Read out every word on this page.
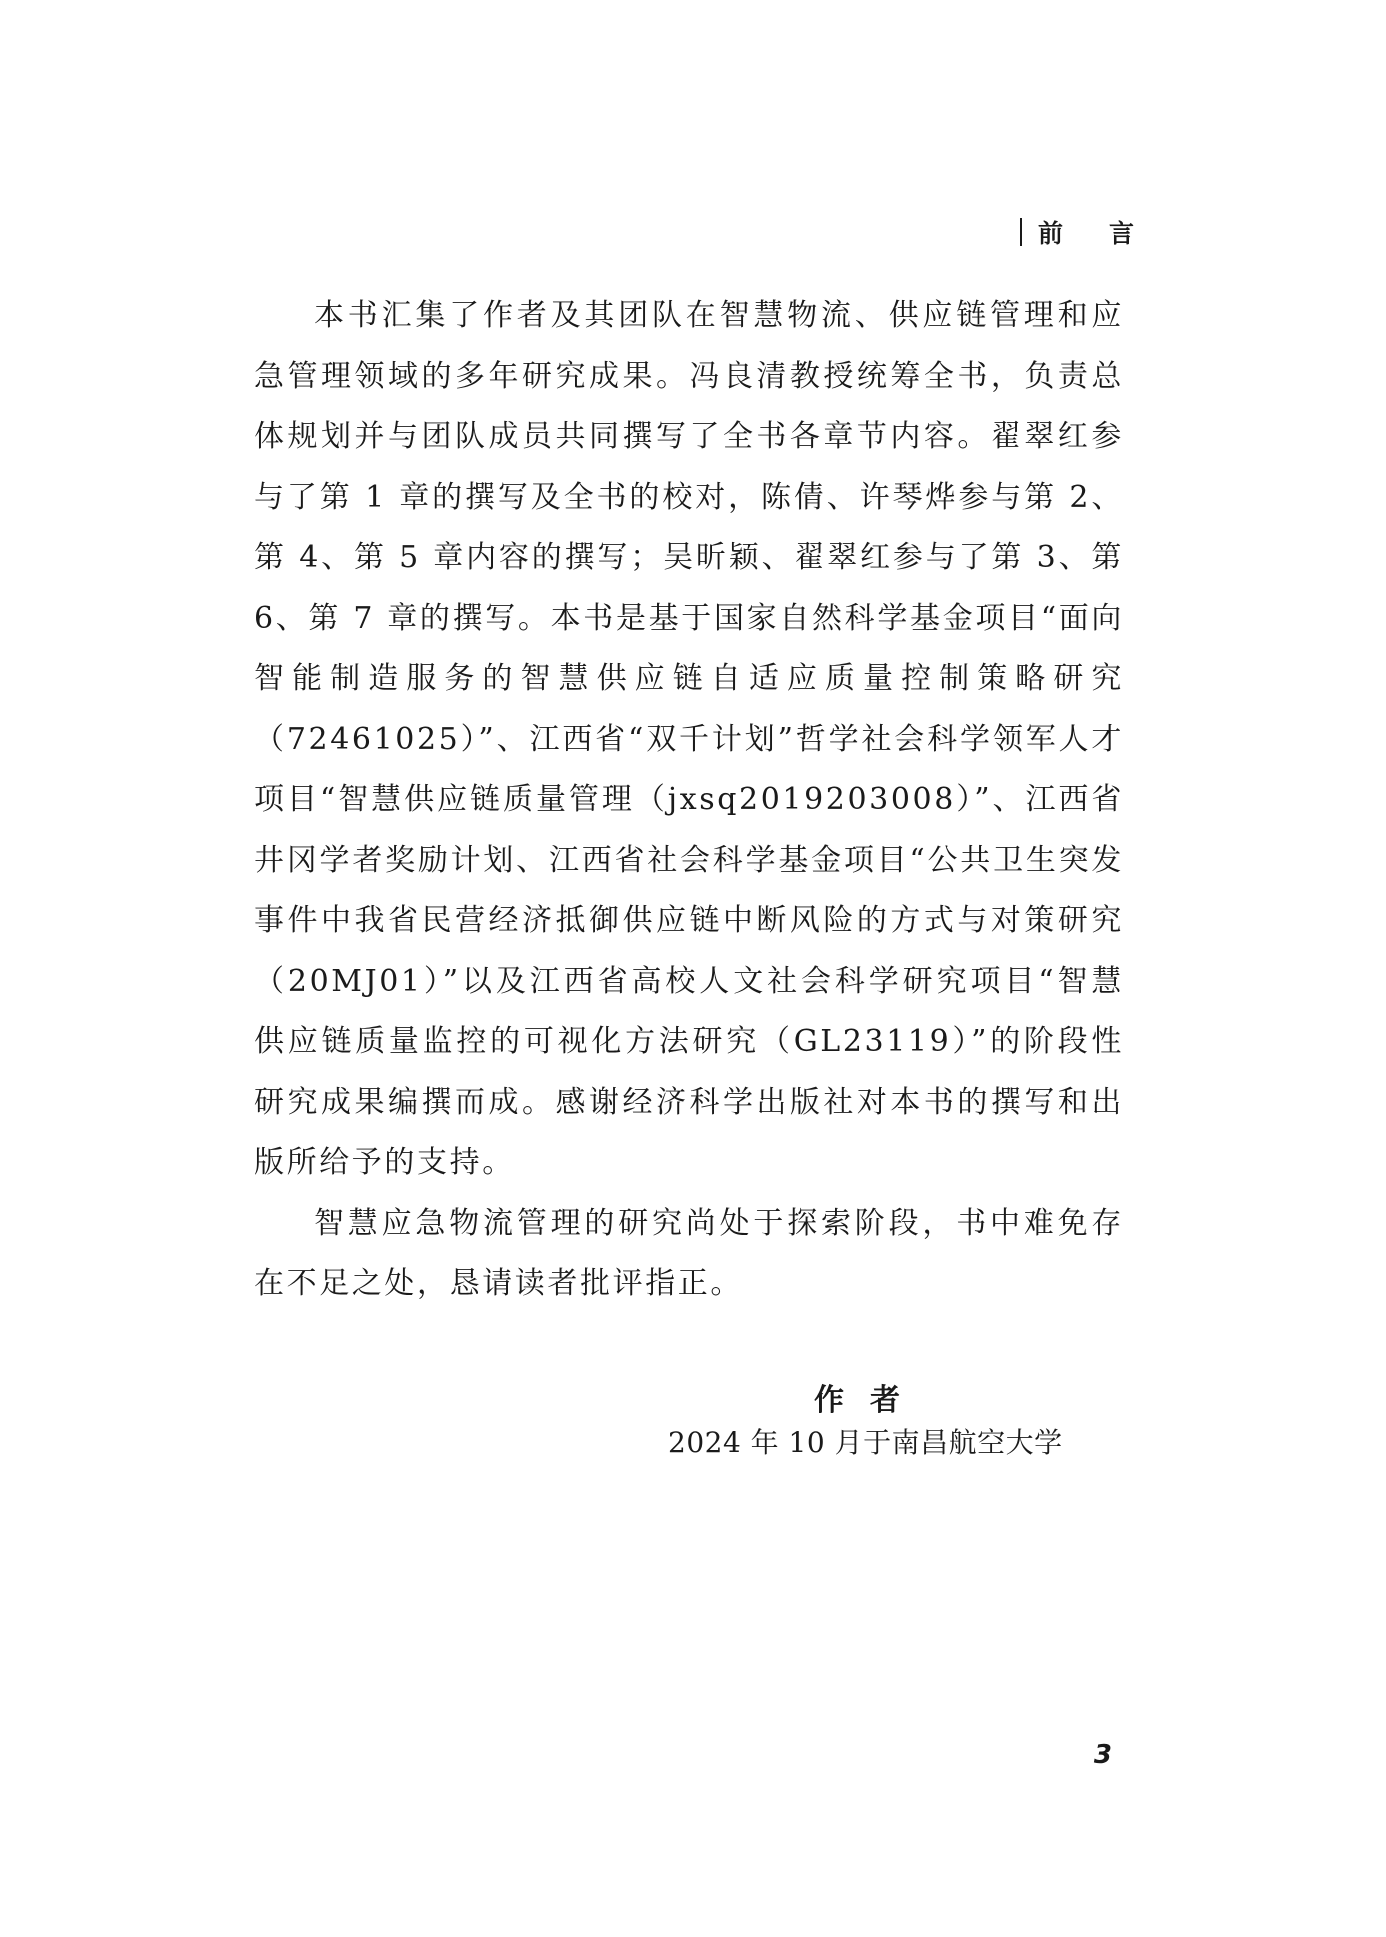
前言

本书汇集了作者及其团队在智慧物流、供应链管理和应急管理领域的多年研究成果。冯良清教授统筹全书，负责总体规划并与团队成员共同撰写了全书各章节内容。翟翠红参与了第 1 章的撰写及全书的校对，陈倩、许琴烨参与第 2、第 4、第 5 章内容的撰写；吴昕颖、翟翠红参与了第 3、第 6、第 7 章的撰写。本书是基于国家自然科学基金项目“面向智能制造服务的智慧供应链自适应质量控制策略研究（72461025）”、江西省“双千计划”哲学社会科学领军人才项目“智慧供应链质量管理（jxsq2019203008）”、江西省井冈学者奖励计划、江西省社会科学基金项目“公共卫生突发事件中我省民营经济抵御供应链中断风险的方式与对策研究（20MJ01）”以及江西省高校人文社会科学研究项目“智慧供应链质量监控的可视化方法研究（GL23119）”的阶段性研究成果编撰而成。感谢经济科学出版社对本书的撰写和出版所给予的支持。

智慧应急物流管理的研究尚处于探索阶段，书中难免存在不足之处，恳请读者批评指正。

作者
2024 年 10 月于南昌航空大学
3
